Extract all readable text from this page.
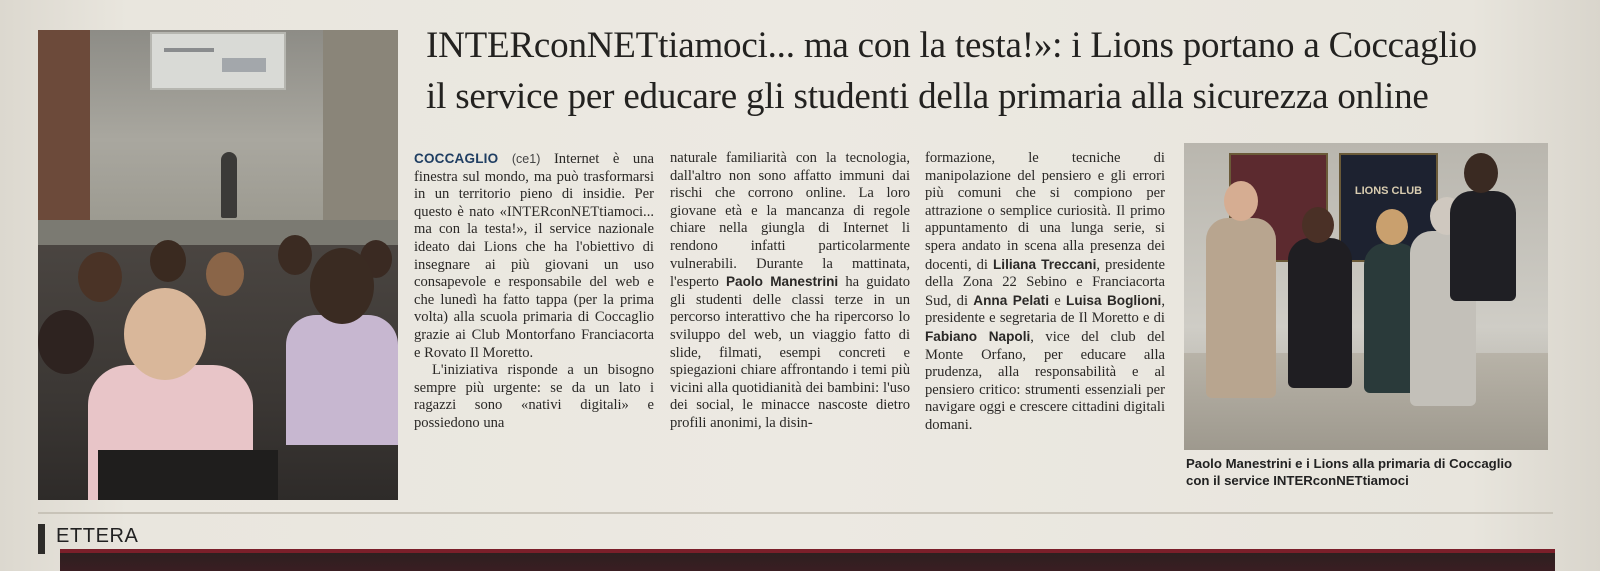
INTERconNETtiamoci... ma con la testa!»: i Lions portano a Coccaglio
il service per educare gli studenti della primaria alla sicurezza online

COCCAGLIO (ce1) Internet è una finestra sul mondo, ma può trasformarsi in un territorio pieno di insidie. Per questo è nato «INTERconNETtiamoci... ma con la testa!», il service nazionale ideato dai Lions che ha l'obiettivo di insegnare ai più giovani un uso consapevole e responsabile del web e che lunedì ha fatto tappa (per la prima volta) alla scuola primaria di Coccaglio grazie ai Club Montorfano Franciacorta e Rovato Il Moretto.

L'iniziativa risponde a un bisogno sempre più urgente: se da un lato i ragazzi sono «nativi digitali» e possiedono una

naturale familiarità con la tecnologia, dall'altro non sono affatto immuni dai rischi che corrono online. La loro giovane età e la mancanza di regole chiare nella giungla di Internet li rendono infatti particolarmente vulnerabili. Durante la mattinata, l'esperto Paolo Manestrini ha guidato gli studenti delle classi terze in un percorso interattivo che ha ripercorso lo sviluppo del web, un viaggio fatto di slide, filmati, esempi concreti e spiegazioni chiare affrontando i temi più vicini alla quotidianità dei bambini: l'uso dei social, le minacce nascoste dietro profili anonimi, la disin-

formazione, le tecniche di manipolazione del pensiero e gli errori più comuni che si compiono per attrazione o semplice curiosità. Il primo appuntamento di una lunga serie, si spera andato in scena alla presenza dei docenti, di Liliana Treccani, presidente della Zona 22 Sebino e Franciacorta Sud, di Anna Pelati e Luisa Boglioni, presidente e segretaria de Il Moretto e di Fabiano Napoli, vice del club del Monte Orfano, per educare alla prudenza, alla responsabilità e al pensiero critico: strumenti essenziali per navigare oggi e crescere cittadini digitali domani.

LIONS CLUB
Paolo Manestrini e i Lions alla primaria di Coccaglio
con il service INTERconNETtiamoci
ETTERA
